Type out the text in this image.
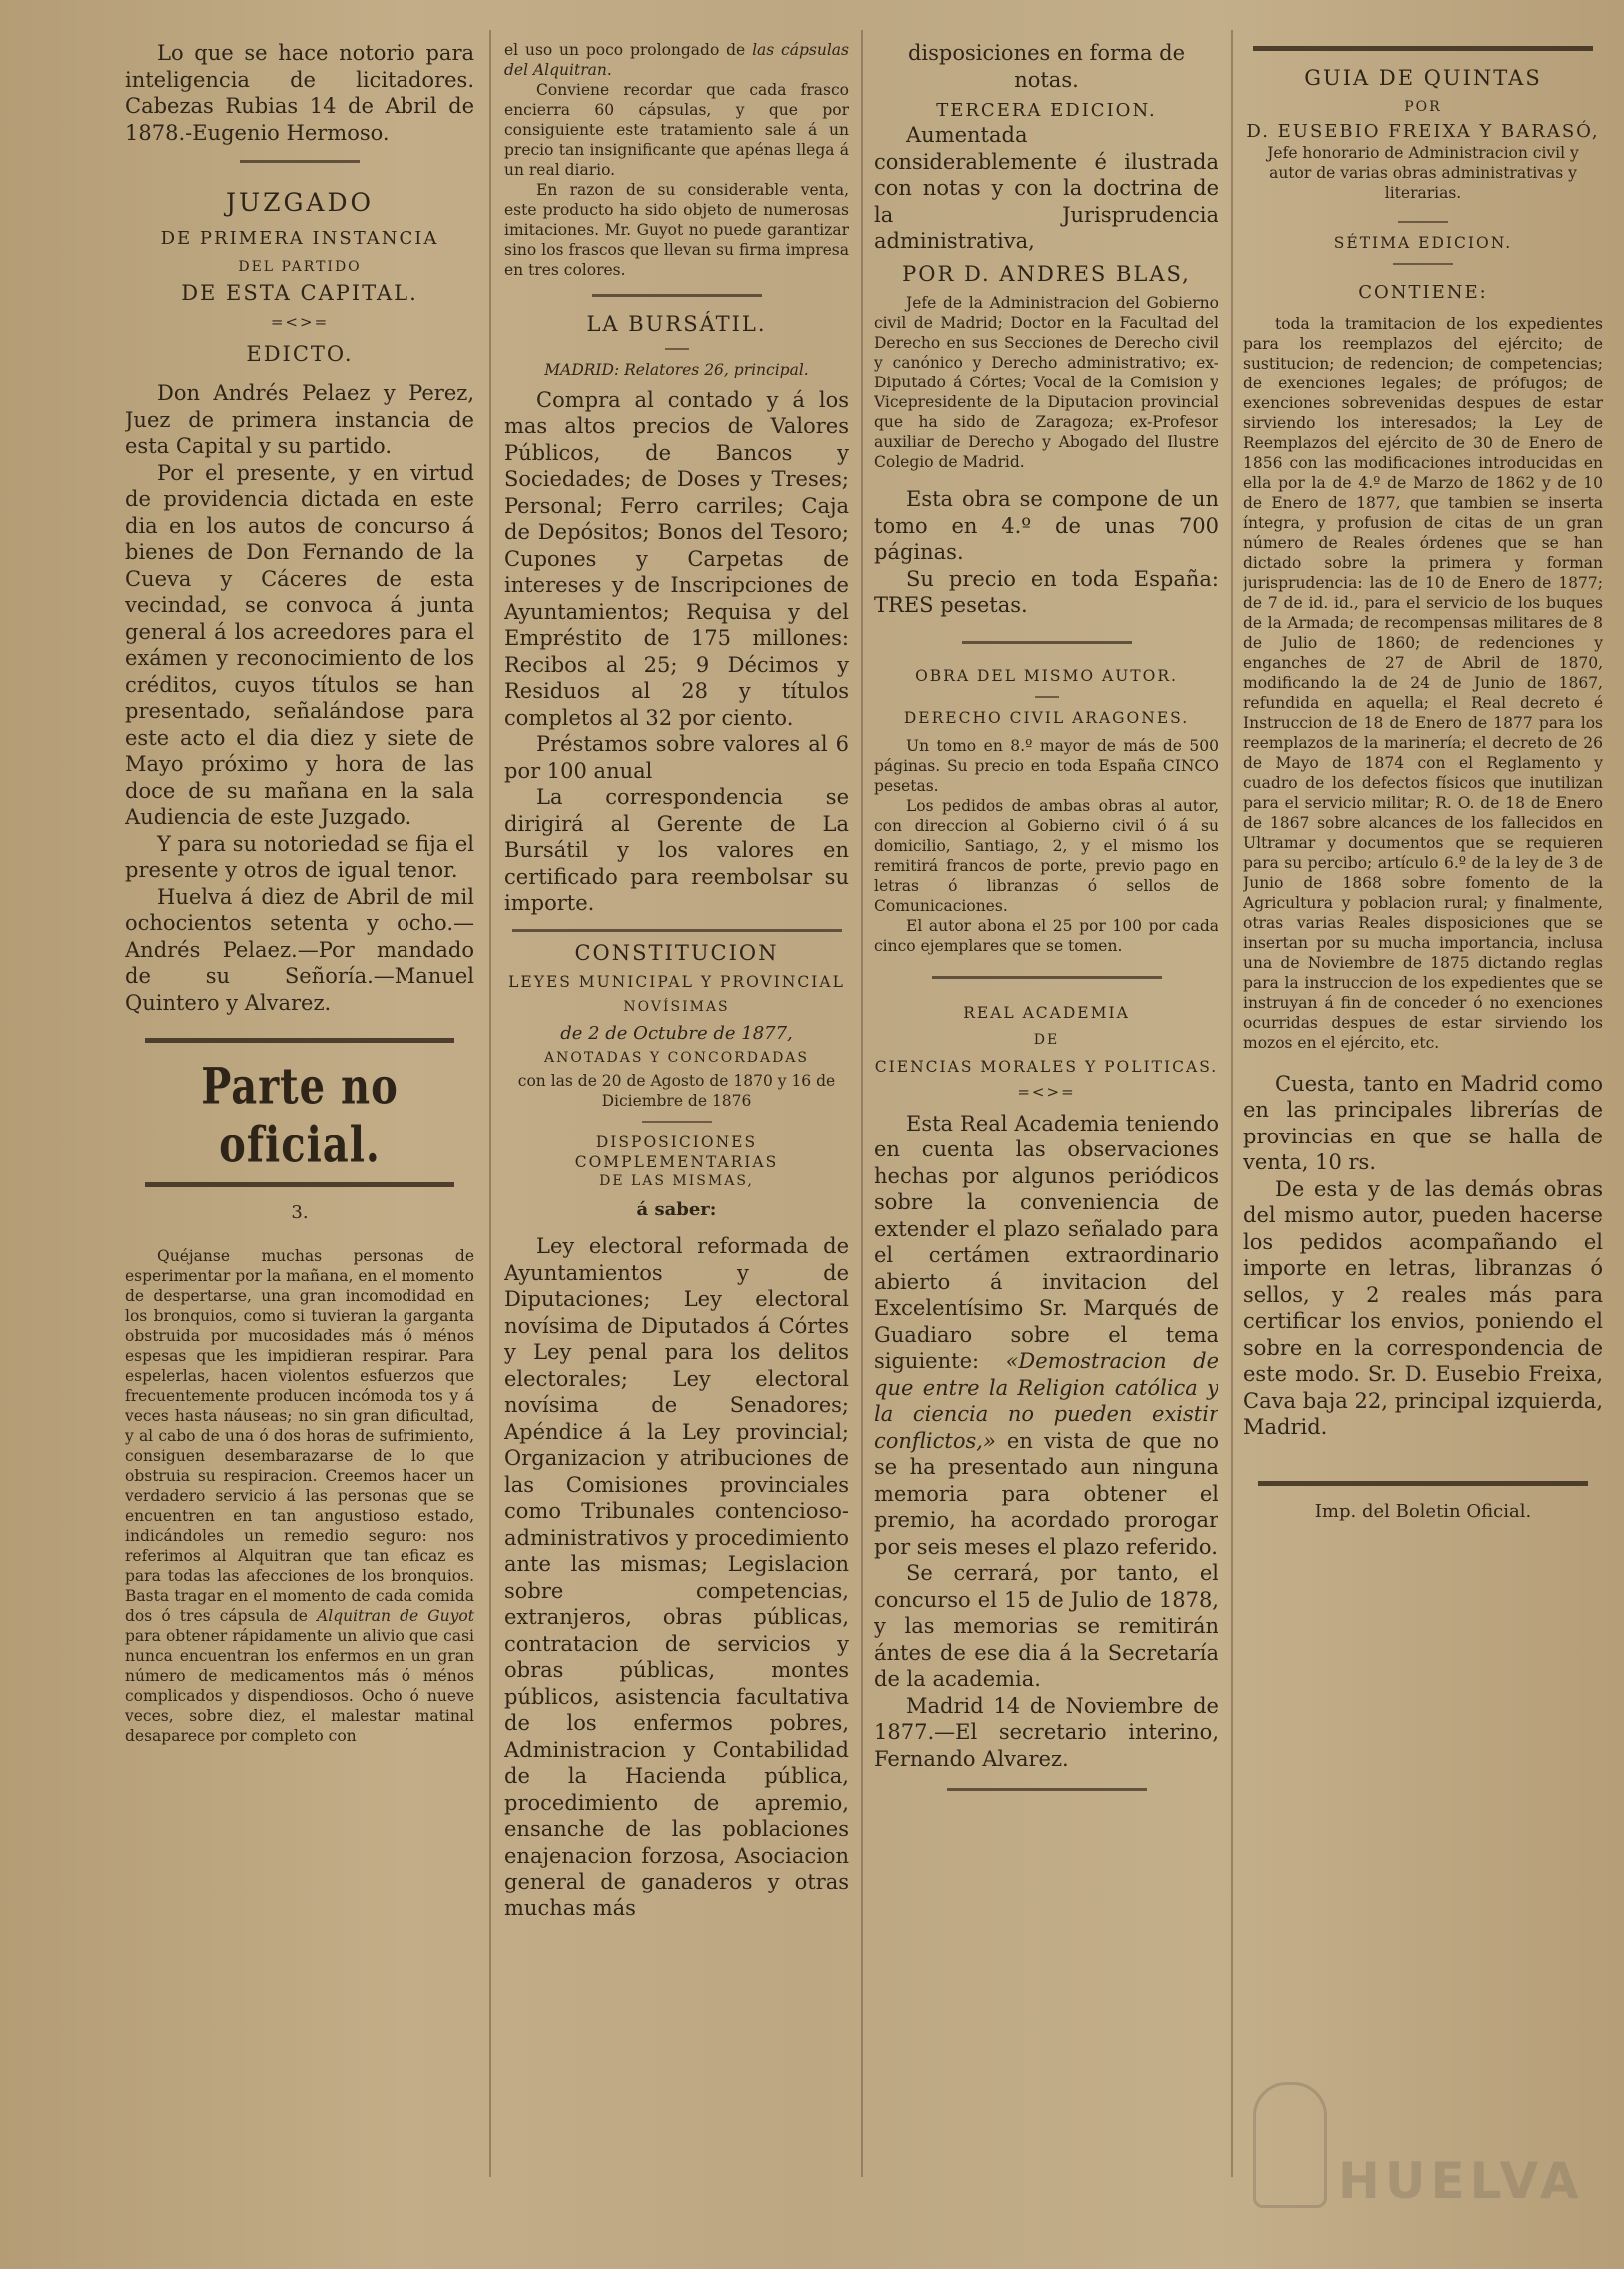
Lo que se hace notorio para inteligencia de licitadores. Cabezas Rubias 14 de Abril de 1878.-Eugenio Hermoso.

JUZGADO

DE PRIMERA INSTANCIA

DEL PARTIDO

DE ESTA CAPITAL.

=<>=

EDICTO.

Don Andrés Pelaez y Perez, Juez de primera instancia de esta Capital y su partido.

Por el presente, y en virtud de providencia dictada en este dia en los autos de concurso á bienes de Don Fernando de la Cueva y Cáceres de esta vecindad, se convoca á junta general á los acreedores para el exámen y reconocimiento de los créditos, cuyos títulos se han presentado, señalándose para este acto el dia diez y siete de Mayo próximo y hora de las doce de su mañana en la sala Audiencia de este Juzgado.

Y para su notoriedad se fija el presente y otros de igual tenor.

Huelva á diez de Abril de mil ochocientos setenta y ocho.—Andrés Pelaez.—Por mandado de su Señoría.—Manuel Quintero y Alvarez.

Parte no oficial.

3.

Quéjanse muchas personas de esperimentar por la mañana, en el momento de despertarse, una gran incomodidad en los bronquios, como si tuvieran la garganta obstruida por mucosidades más ó ménos espesas que les impidieran respirar. Para espelerlas, hacen violentos esfuerzos que frecuentemente producen incómoda tos y á veces hasta náuseas; no sin gran dificultad, y al cabo de una ó dos horas de sufrimiento, consiguen desembarazarse de lo que obstruia su respiracion. Creemos hacer un verdadero servicio á las personas que se encuentren en tan angustioso estado, indicándoles un remedio seguro: nos referimos al Alquitran que tan eficaz es para todas las afecciones de los bronquios. Basta tragar en el momento de cada comida dos ó tres cápsula de Alquitran de Guyot para obtener rápidamente un alivio que casi nunca encuentran los enfermos en un gran número de medicamentos más ó ménos complicados y dispendiosos. Ocho ó nueve veces, sobre diez, el malestar matinal desaparece por completo con

el uso un poco prolongado de las cápsulas del Alquitran.

Conviene recordar que cada frasco encierra 60 cápsulas, y que por consiguiente este tratamiento sale á un precio tan insignificante que apénas llega á un real diario.

En razon de su considerable venta, este producto ha sido objeto de numerosas imitaciones. Mr. Guyot no puede garantizar sino los frascos que llevan su firma impresa en tres colores.

LA BURSÁTIL.

MADRID: Relatores 26, principal.

Compra al contado y á los mas altos precios de Valores Públicos, de Bancos y Sociedades; de Doses y Treses; Personal; Ferro carriles; Caja de Depósitos; Bonos del Tesoro; Cupones y Carpetas de intereses y de Inscripciones de Ayuntamientos; Requisa y del Empréstito de 175 millones: Recibos al 25; 9 Décimos y Residuos al 28 y títulos completos al 32 por ciento.

Préstamos sobre valores al 6 por 100 anual

La correspondencia se dirigirá al Gerente de La Bursátil y los valores en certificado para reembolsar su importe.

CONSTITUCION

LEYES MUNICIPAL Y PROVINCIAL

NOVÍSIMAS

de 2 de Octubre de 1877,

ANOTADAS Y CONCORDADAS

con las de 20 de Agosto de 1870 y 16 de Diciembre de 1876

DISPOSICIONES COMPLEMENTARIAS

DE LAS MISMAS,

á saber:

Ley electoral reformada de Ayuntamientos y de Diputaciones; Ley electoral novísima de Diputados á Córtes y Ley penal para los delitos electorales; Ley electoral novísima de Senadores; Apéndice á la Ley provincial; Organizacion y atribuciones de las Comisiones provinciales como Tribunales contencioso-administrativos y procedimiento ante las mismas; Legislacion sobre competencias, extranjeros, obras públicas, contratacion de servicios y obras públicas, montes públicos, asistencia facultativa de los enfermos pobres, Administracion y Contabilidad de la Hacienda pública, procedimiento de apremio, ensanche de las poblaciones enajenacion forzosa, Asociacion general de ganaderos y otras muchas más

disposiciones en forma de notas.

TERCERA EDICION.

Aumentada considerablemente é ilustrada con notas y con la doctrina de la Jurisprudencia administrativa,

POR D. ANDRES BLAS,

Jefe de la Administracion del Gobierno civil de Madrid; Doctor en la Facultad del Derecho en sus Secciones de Derecho civil y canónico y Derecho administrativo; ex-Diputado á Córtes; Vocal de la Comision y Vicepresidente de la Diputacion provincial que ha sido de Zaragoza; ex-Profesor auxiliar de Derecho y Abogado del Ilustre Colegio de Madrid.

Esta obra se compone de un tomo en 4.º de unas 700 páginas.

Su precio en toda España: TRES pesetas.

OBRA DEL MISMO AUTOR.

DERECHO CIVIL ARAGONES.

Un tomo en 8.º mayor de más de 500 páginas. Su precio en toda España CINCO pesetas.

Los pedidos de ambas obras al autor, con direccion al Gobierno civil ó á su domicilio, Santiago, 2, y el mismo los remitirá francos de porte, previo pago en letras ó libranzas ó sellos de Comunicaciones.

El autor abona el 25 por 100 por cada cinco ejemplares que se tomen.

REAL ACADEMIA

DE

CIENCIAS MORALES Y POLITICAS.

=<>=

Esta Real Academia teniendo en cuenta las observaciones hechas por algunos periódicos sobre la conveniencia de extender el plazo señalado para el certámen extraordinario abierto á invitacion del Excelentísimo Sr. Marqués de Guadiaro sobre el tema siguiente: «Demostracion de que entre la Religion católica y la ciencia no pueden existir conflictos,» en vista de que no se ha presentado aun ninguna memoria para obtener el premio, ha acordado prorogar por seis meses el plazo referido.

Se cerrará, por tanto, el concurso el 15 de Julio de 1878, y las memorias se remitirán ántes de ese dia á la Secretaría de la academia.

Madrid 14 de Noviembre de 1877.—El secretario interino, Fernando Alvarez.

GUIA DE QUINTAS

POR

D. EUSEBIO FREIXA Y BARASÓ,

Jefe honorario de Administracion civil y autor de varias obras administrativas y literarias.

SÉTIMA EDICION.

CONTIENE:

toda la tramitacion de los expedientes para los reemplazos del ejército; de sustitucion; de redencion; de competencias; de exenciones legales; de prófugos; de exenciones sobrevenidas despues de estar sirviendo los interesados; la Ley de Reemplazos del ejército de 30 de Enero de 1856 con las modificaciones introducidas en ella por la de 4.º de Marzo de 1862 y de 10 de Enero de 1877, que tambien se inserta íntegra, y profusion de citas de un gran número de Reales órdenes que se han dictado sobre la primera y forman jurisprudencia: las de 10 de Enero de 1877; de 7 de id. id., para el servicio de los buques de la Armada; de recompensas militares de 8 de Julio de 1860; de redenciones y enganches de 27 de Abril de 1870, modificando la de 24 de Junio de 1867, refundida en aquella; el Real decreto é Instruccion de 18 de Enero de 1877 para los reemplazos de la marinería; el decreto de 26 de Mayo de 1874 con el Reglamento y cuadro de los defectos físicos que inutilizan para el servicio militar; R. O. de 18 de Enero de 1867 sobre alcances de los fallecidos en Ultramar y documentos que se requieren para su percibo; artículo 6.º de la ley de 3 de Junio de 1868 sobre fomento de la Agricultura y poblacion rural; y finalmente, otras varias Reales disposiciones que se insertan por su mucha importancia, inclusa una de Noviembre de 1875 dictando reglas para la instruccion de los expedientes que se instruyan á fin de conceder ó no exenciones ocurridas despues de estar sirviendo los mozos en el ejército, etc.

Cuesta, tanto en Madrid como en las principales librerías de provincias en que se halla de venta, 10 rs.

De esta y de las demás obras del mismo autor, pueden hacerse los pedidos acompañando el importe en letras, libranzas ó sellos, y 2 reales más para certificar los envios, poniendo el sobre en la correspondencia de este modo. Sr. D. Eusebio Freixa, Cava baja 22, principal izquierda, Madrid.

Imp. del Boletin Oficial.

HUELVA
